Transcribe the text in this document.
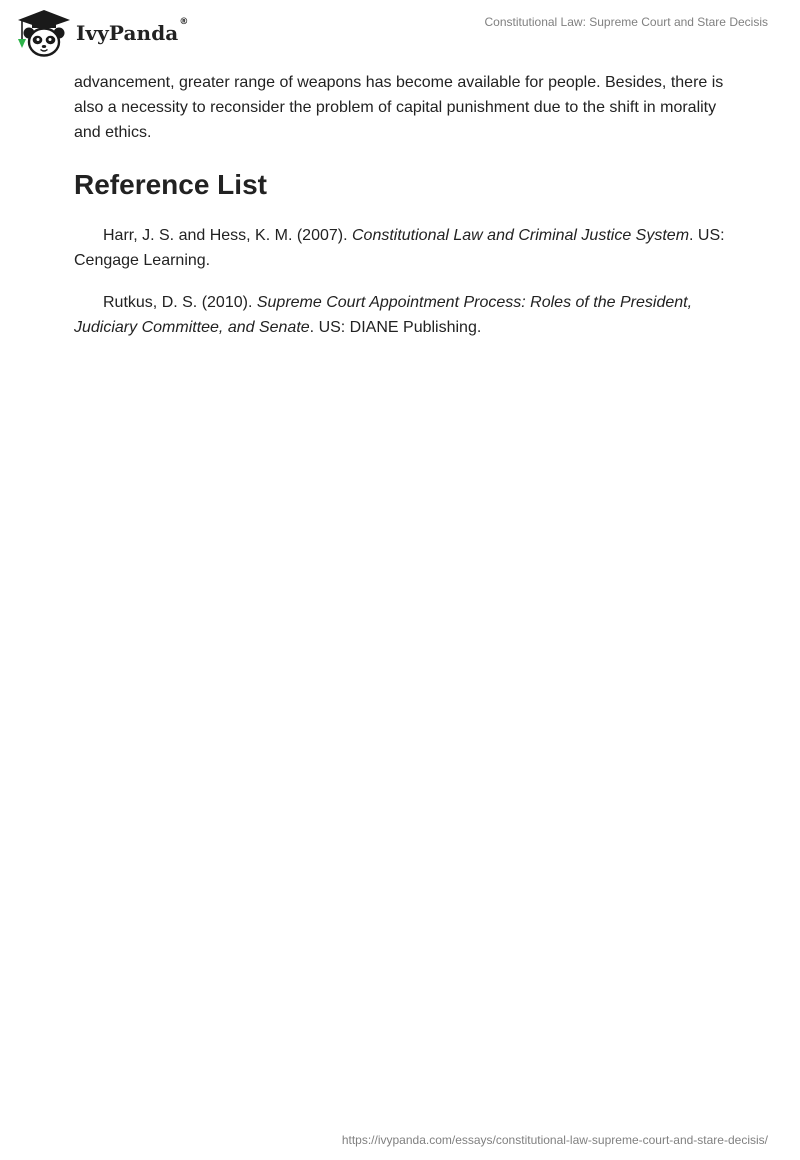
IvyPanda®	Constitutional Law: Supreme Court and Stare Decisis

advancement, greater range of weapons has become available for people. Besides, there is also a necessity to reconsider the problem of capital punishment due to the shift in morality and ethics.

Reference List

Harr, J. S. and Hess, K. M. (2007). Constitutional Law and Criminal Justice System. US: Cengage Learning.

Rutkus, D. S. (2010). Supreme Court Appointment Process: Roles of the President, Judiciary Committee, and Senate. US: DIANE Publishing.

https://ivypanda.com/essays/constitutional-law-supreme-court-and-stare-decisis/
